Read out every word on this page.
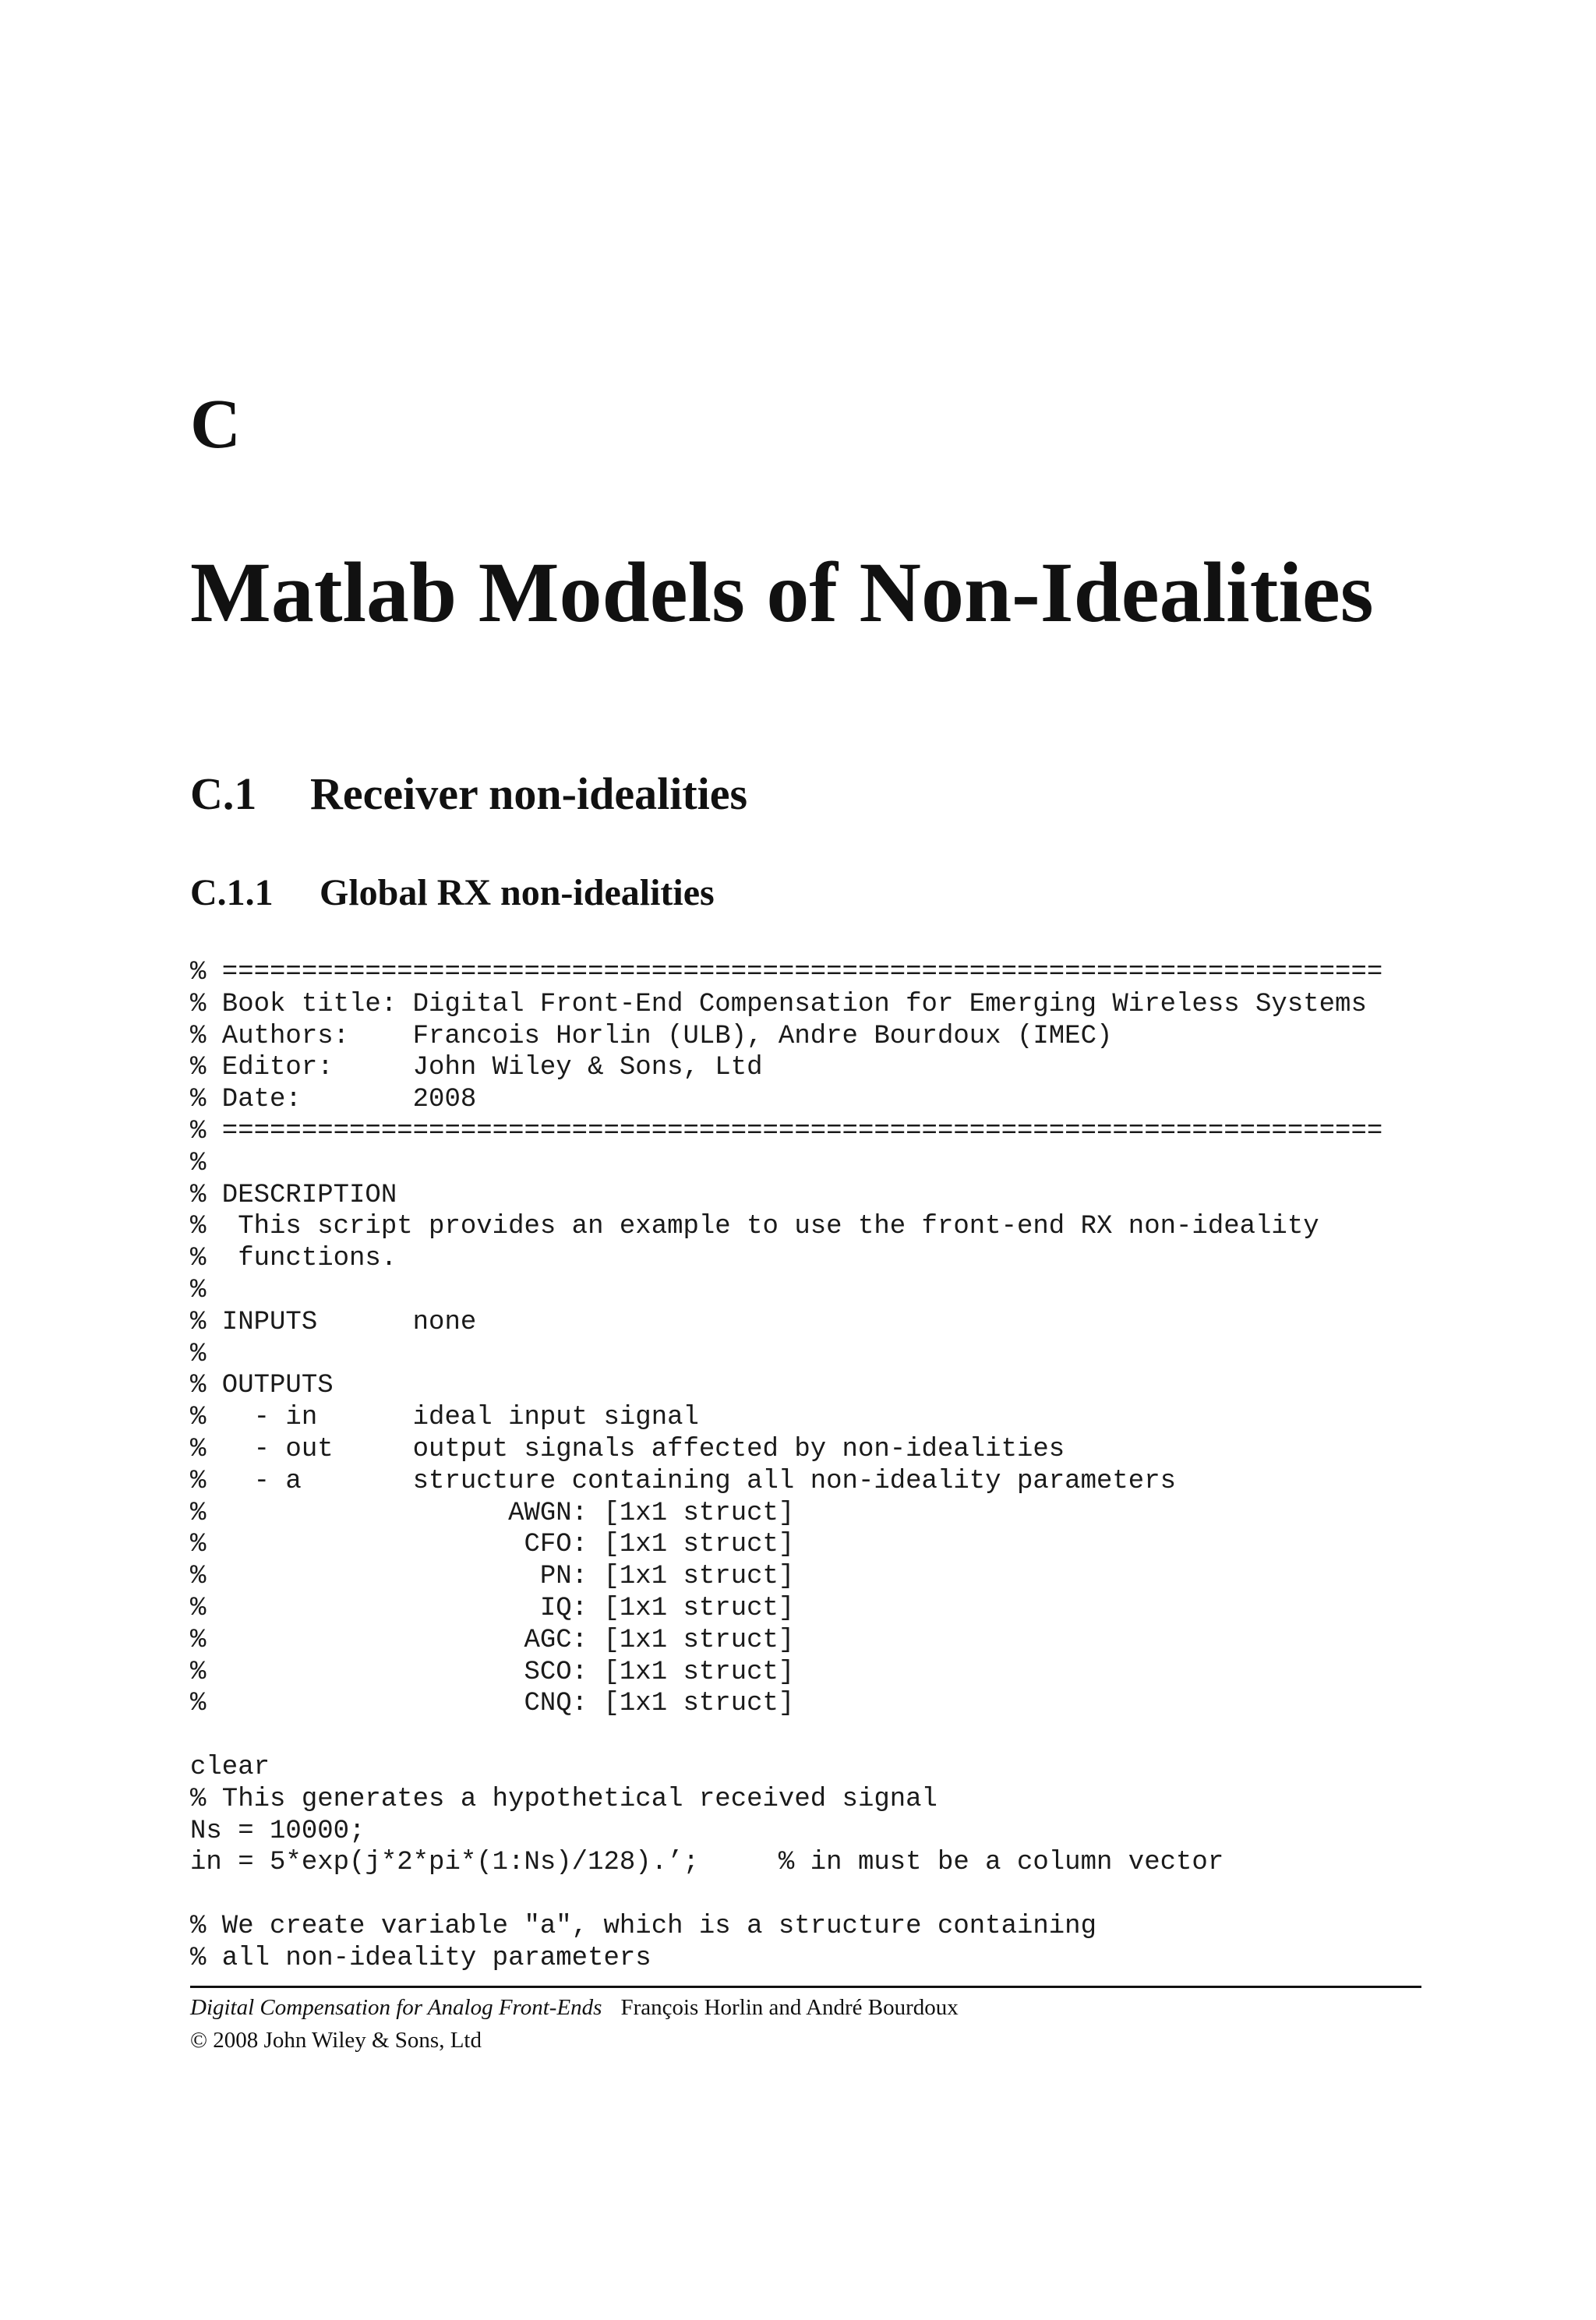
C
Matlab Models of Non-Idealities
C.1 Receiver non-idealities
C.1.1 Global RX non-idealities
% =========================================================================
% Book title: Digital Front-End Compensation for Emerging Wireless Systems
% Authors:    Francois Horlin (ULB), Andre Bourdoux (IMEC)
% Editor:     John Wiley & Sons, Ltd
% Date:       2008
% =========================================================================
%
% DESCRIPTION
%  This script provides an example to use the front-end RX non-ideality
%  functions.
%
% INPUTS      none
%
% OUTPUTS
%   - in      ideal input signal
%   - out     output signals affected by non-idealities
%   - a       structure containing all non-ideality parameters
%                   AWGN: [1x1 struct]
%                    CFO: [1x1 struct]
%                     PN: [1x1 struct]
%                     IQ: [1x1 struct]
%                    AGC: [1x1 struct]
%                    SCO: [1x1 struct]
%                    CNQ: [1x1 struct]
clear
% This generates a hypothetical received signal
Ns = 10000;
in = 5*exp(j*2*pi*(1:Ns)/128).’;     % in must be a column vector
% We create variable "a", which is a structure containing
% all non-ideality parameters
Digital Compensation for Analog Front-Ends François Horlin and André Bourdoux
© 2008 John Wiley & Sons, Ltd
